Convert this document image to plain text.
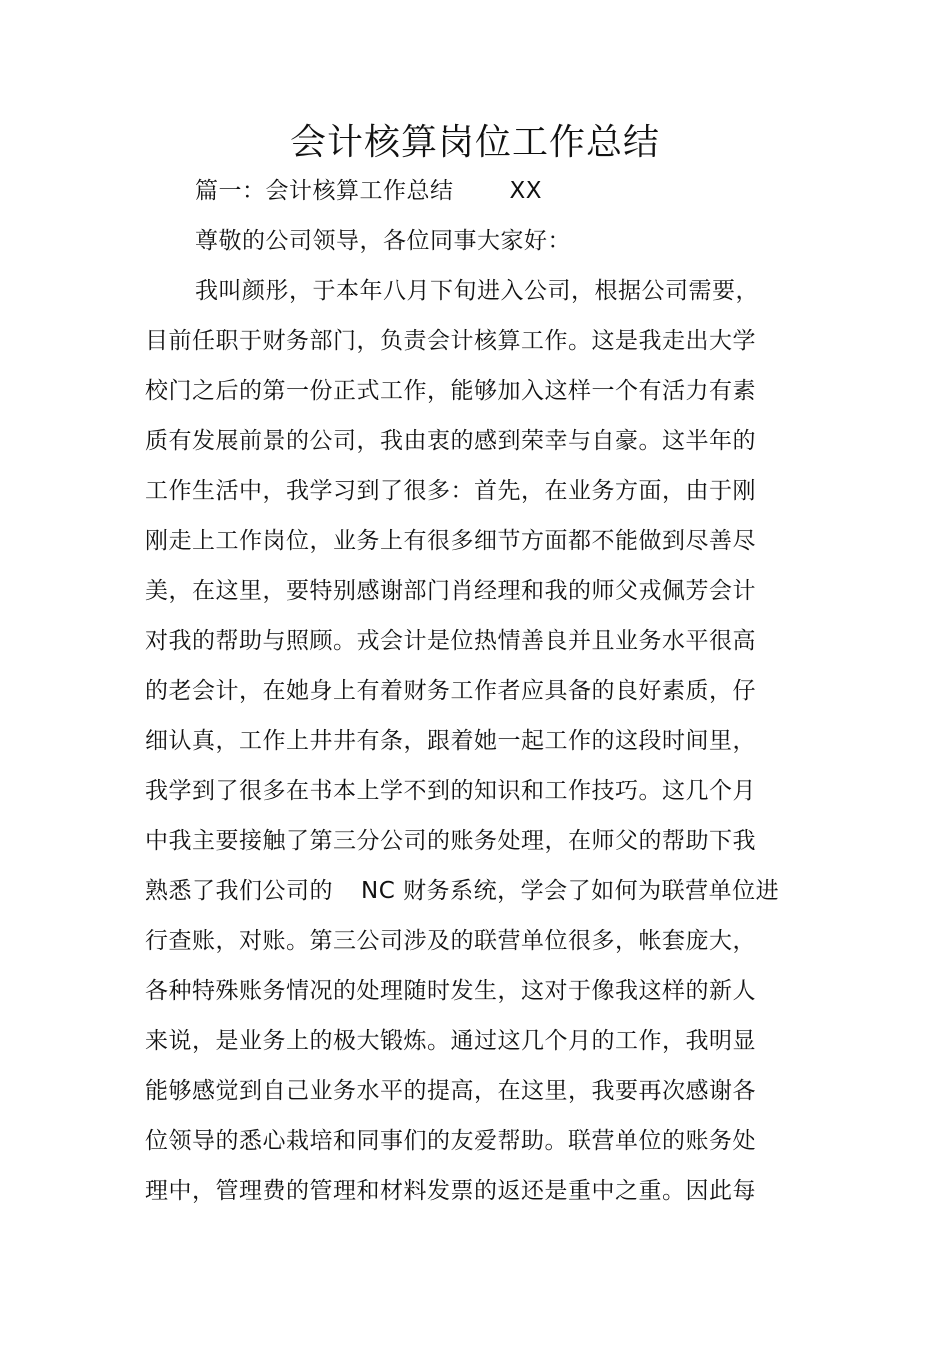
会计核算岗位工作总结
篇一：会计核算工作总结 XX
尊敬的公司领导，各位同事大家好：
我叫颜彤，于本年八月下旬进入公司，根据公司需要，
目前任职于财务部门，负责会计核算工作。这是我走出大学
校门之后的第一份正式工作，能够加入这样一个有活力有素
质有发展前景的公司，我由衷的感到荣幸与自豪。这半年的
工作生活中，我学习到了很多：首先，在业务方面，由于刚
刚走上工作岗位，业务上有很多细节方面都不能做到尽善尽
美，在这里，要特别感谢部门肖经理和我的师父戎佩芳会计
对我的帮助与照顾。戎会计是位热情善良并且业务水平很高
的老会计，在她身上有着财务工作者应具备的良好素质，仔
细认真，工作上井井有条，跟着她一起工作的这段时间里，
我学到了很多在书本上学不到的知识和工作技巧。这几个月
中我主要接触了第三分公司的账务处理，在师父的帮助下我
熟悉了我们公司的 NC 财务系统，学会了如何为联营单位进
行查账，对账。第三公司涉及的联营单位很多，帐套庞大，
各种特殊账务情况的处理随时发生，这对于像我这样的新人
来说，是业务上的极大锻炼。通过这几个月的工作，我明显
能够感觉到自己业务水平的提高，在这里，我要再次感谢各
位领导的悉心栽培和同事们的友爱帮助。联营单位的账务处
理中，管理费的管理和材料发票的返还是重中之重。因此每
